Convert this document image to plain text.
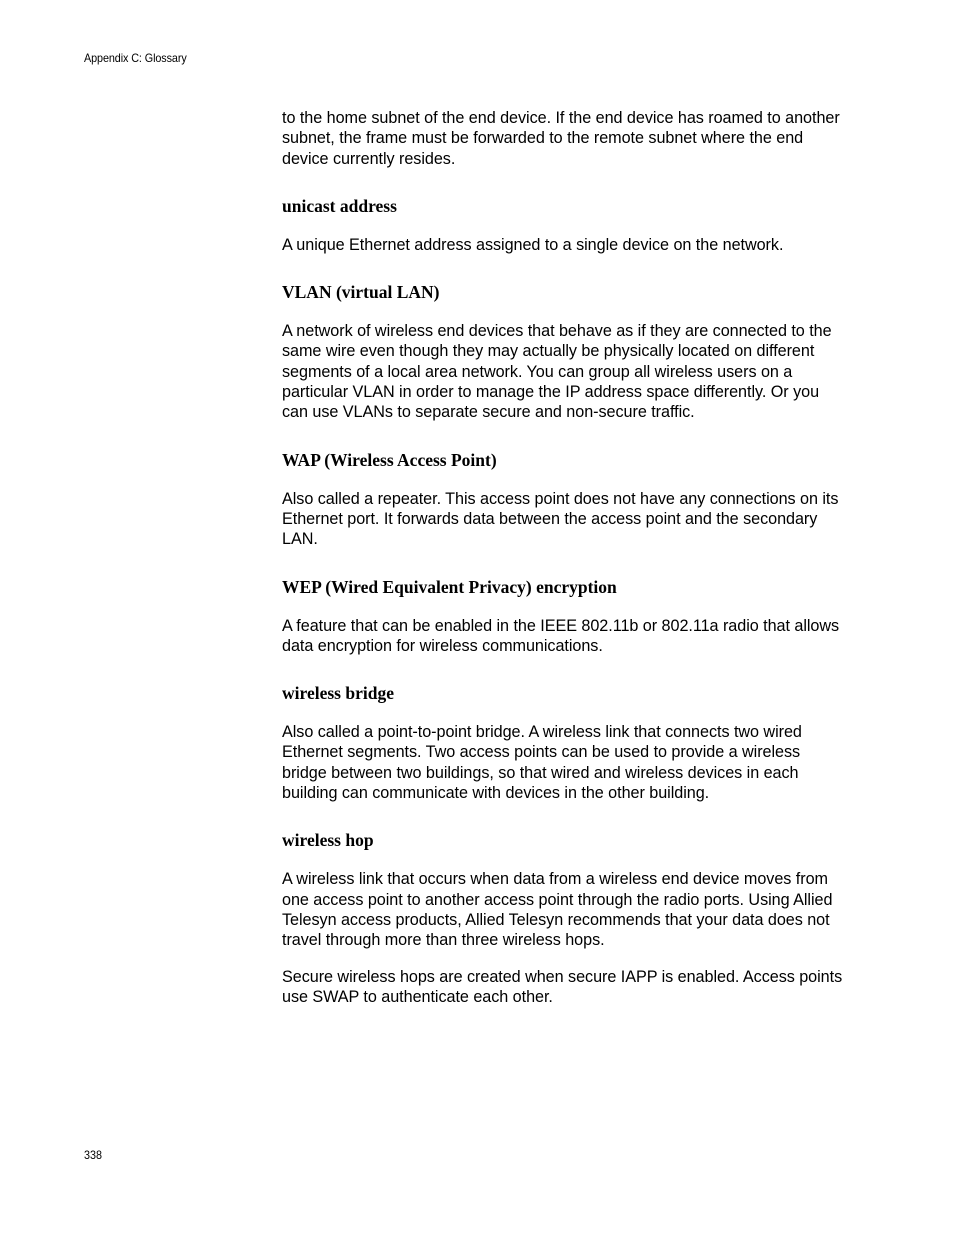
Appendix C: Glossary

to the home subnet of the end device. If the end device has roamed to another subnet, the frame must be forwarded to the remote subnet where the end device currently resides.

unicast address

A unique Ethernet address assigned to a single device on the network.

VLAN (virtual LAN)

A network of wireless end devices that behave as if they are connected to the same wire even though they may actually be physically located on different segments of a local area network. You can group all wireless users on a particular VLAN in order to manage the IP address space differently. Or you can use VLANs to separate secure and non-secure traffic.

WAP (Wireless Access Point)

Also called a repeater. This access point does not have any connections on its Ethernet port. It forwards data between the access point and the secondary LAN.

WEP (Wired Equivalent Privacy) encryption

A feature that can be enabled in the IEEE 802.11b or 802.11a radio that allows data encryption for wireless communications.

wireless bridge

Also called a point-to-point bridge. A wireless link that connects two wired Ethernet segments. Two access points can be used to provide a wireless bridge between two buildings, so that wired and wireless devices in each building can communicate with devices in the other building.

wireless hop

A wireless link that occurs when data from a wireless end device moves from one access point to another access point through the radio ports. Using Allied Telesyn access products, Allied Telesyn recommends that your data does not travel through more than three wireless hops.

Secure wireless hops are created when secure IAPP is enabled. Access points use SWAP to authenticate each other.

338
